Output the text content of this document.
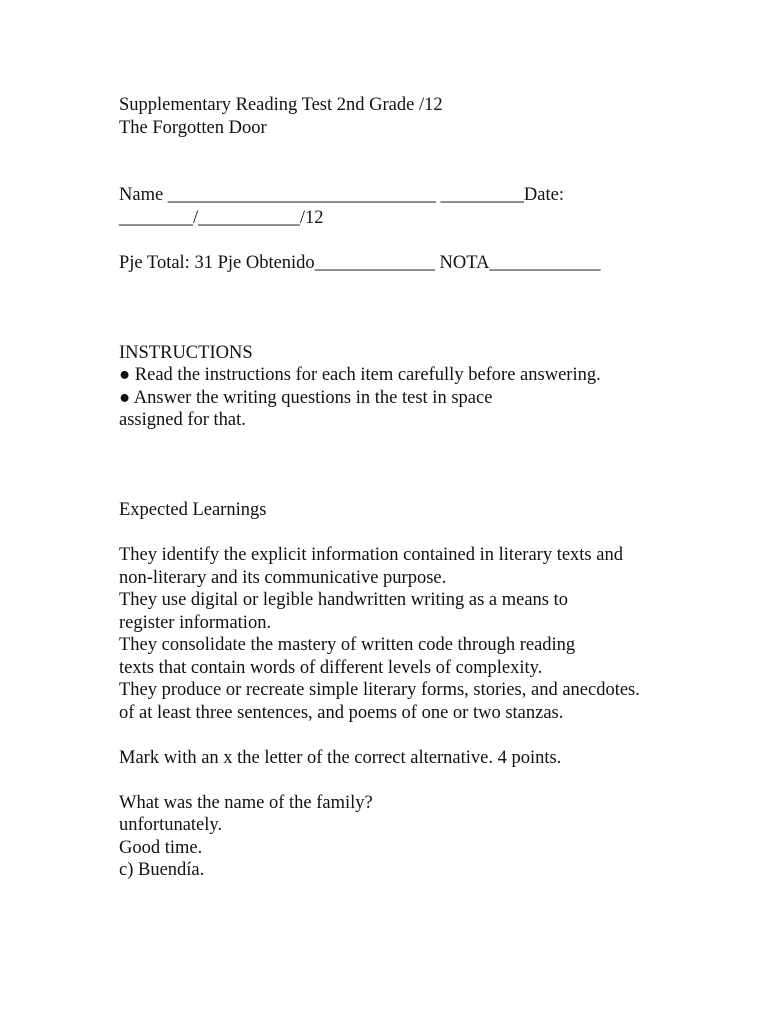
Supplementary Reading Test 2nd Grade /12
The Forgotten Door
Name _____________________________ _________Date:
________/___________/12
Pje Total: 31 Pje Obtenido_____________ NOTA____________
INSTRUCTIONS
● Read the instructions for each item carefully before answering.
● Answer the writing questions in the test in space
assigned for that.
Expected Learnings
They identify the explicit information contained in literary texts and
non-literary and its communicative purpose.
They use digital or legible handwritten writing as a means to
register information.
They consolidate the mastery of written code through reading
texts that contain words of different levels of complexity.
They produce or recreate simple literary forms, stories, and anecdotes.
of at least three sentences, and poems of one or two stanzas.
Mark with an x the letter of the correct alternative. 4 points.
What was the name of the family?
unfortunately.
Good time.
c) Buendía.
